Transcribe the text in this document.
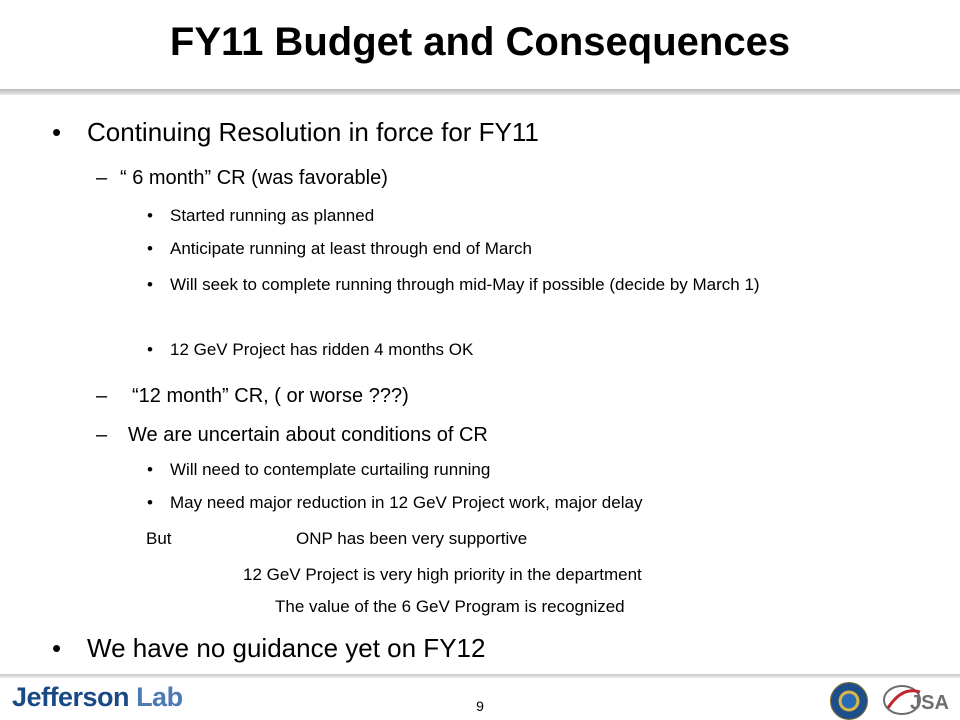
FY11 Budget and Consequences
• Continuing Resolution in force for FY11
– “ 6 month” CR (was favorable)
• Started running as planned
• Anticipate running at least through end of March
• Will seek to complete running through mid-May if possible (decide by March 1)
• 12 GeV Project has ridden 4 months OK
– “12 month” CR, ( or worse ???)
– We are uncertain about conditions of CR
• Will need to contemplate curtailing running
• May need major reduction in 12 GeV Project work, major delay
But	ONP has been very supportive
12 GeV Project is very high priority in the department
The value of the 6 GeV Program is recognized
• We have no guidance yet on FY12
Jefferson Lab	9	JSA
